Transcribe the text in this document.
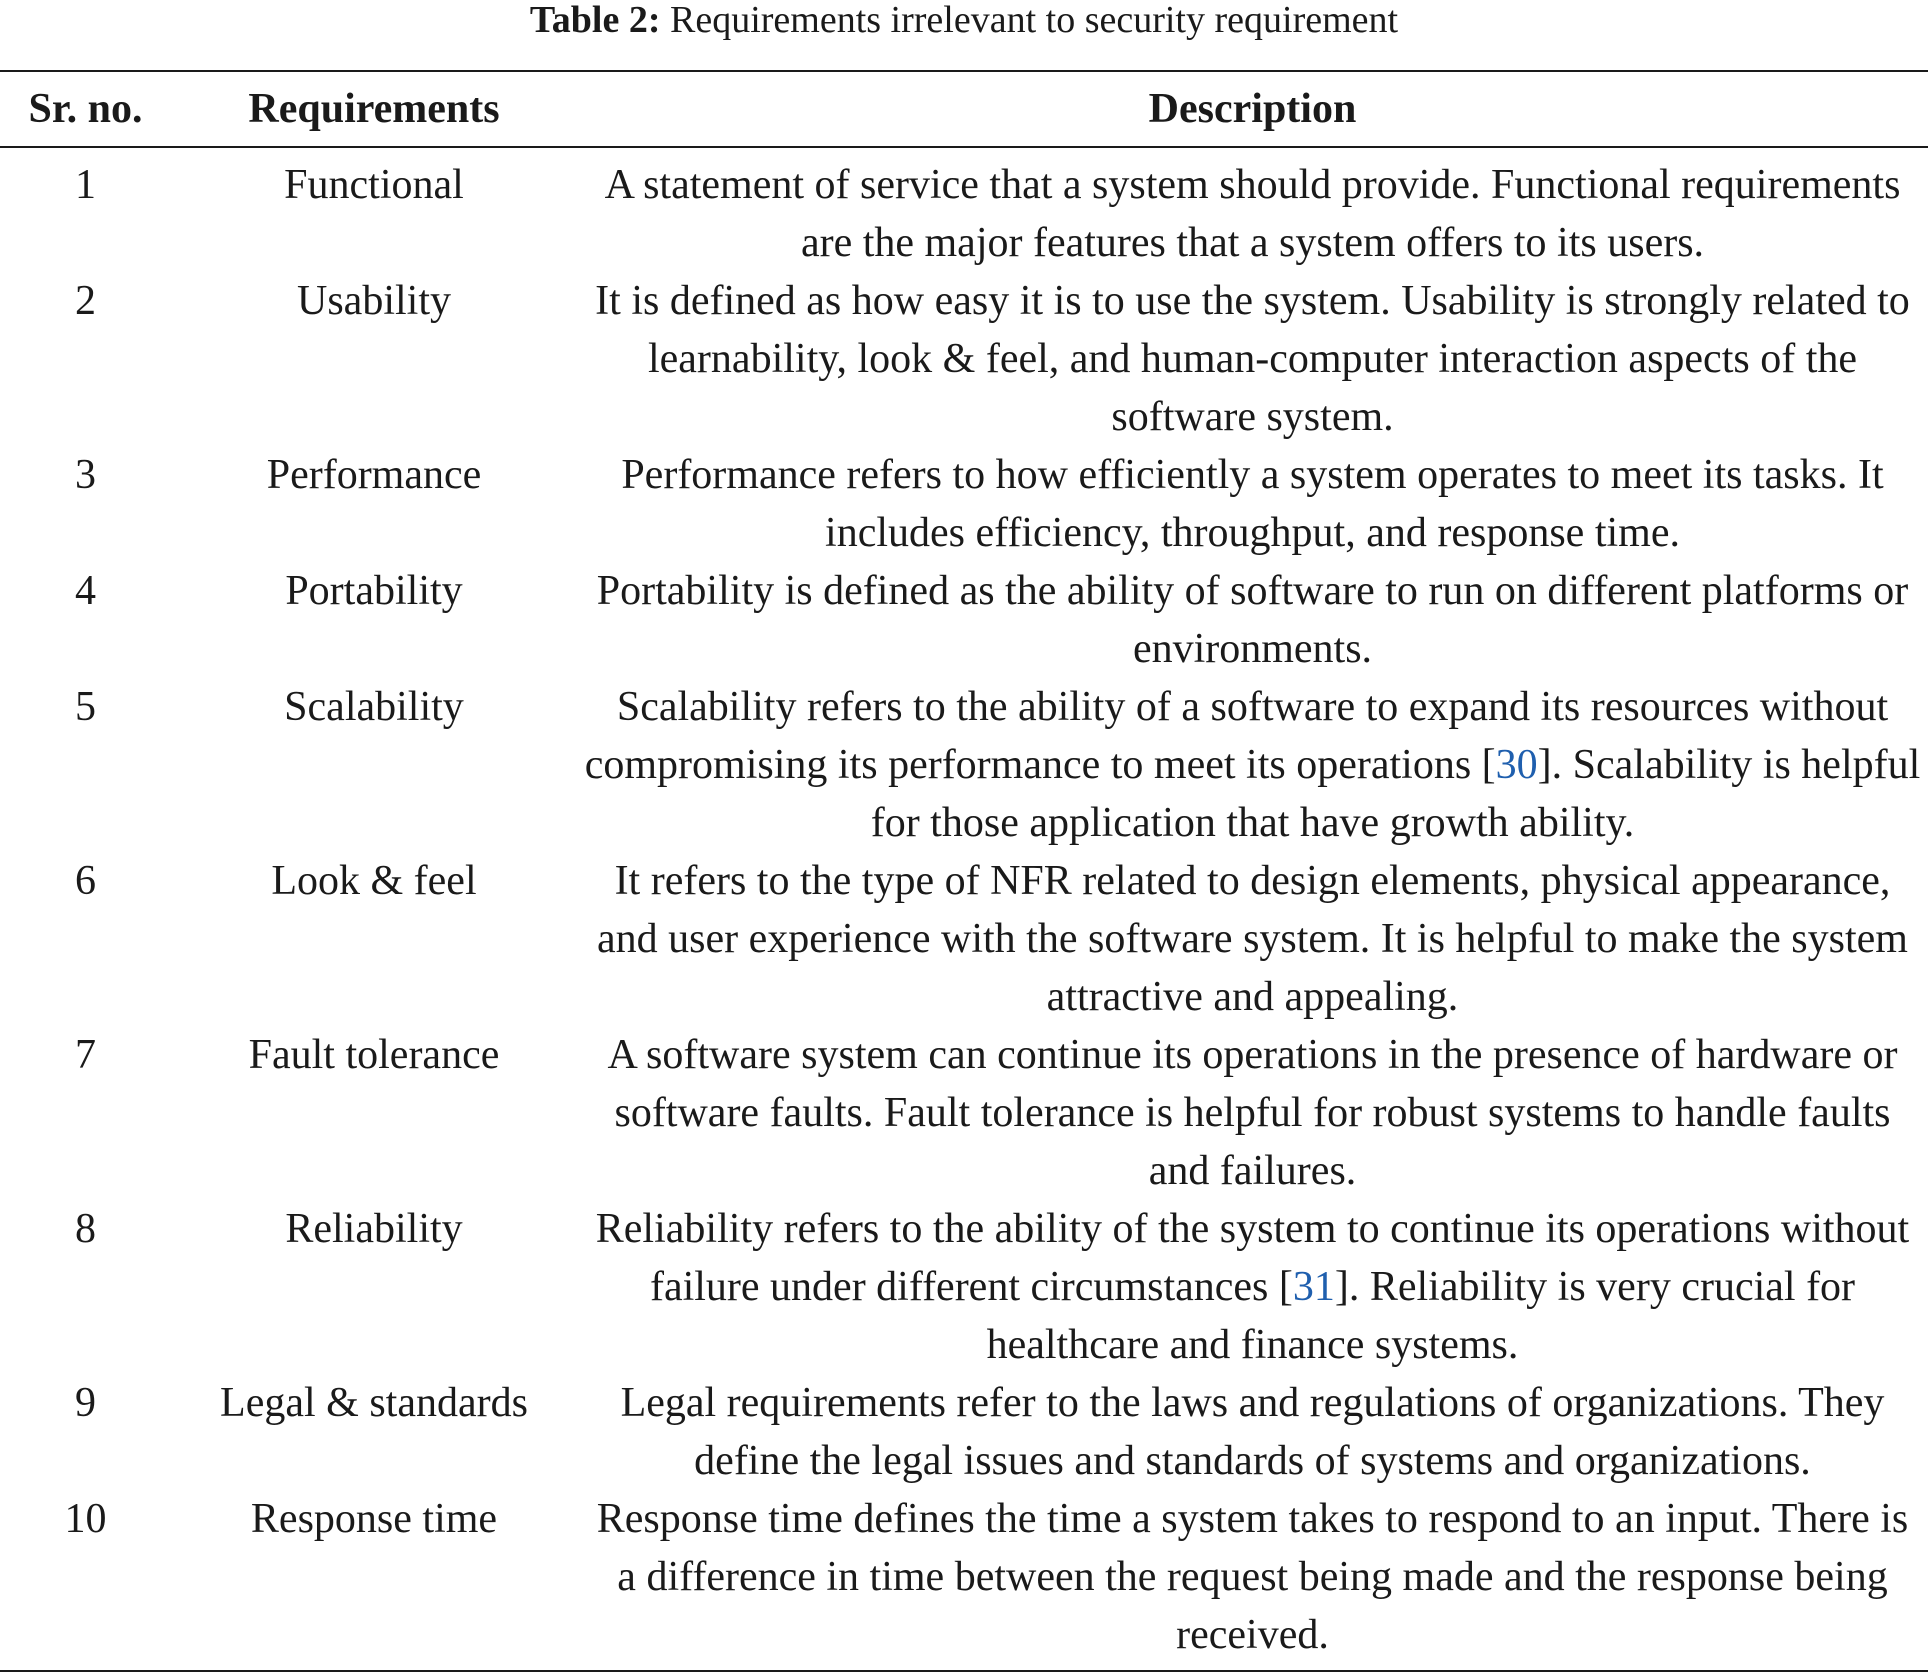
Table 2: Requirements irrelevant to security requirement
Sr. no.	Requirements	Description
1	Functional	A statement of service that a system should provide. Functional requirements are the major features that a system offers to its users.
2	Usability	It is defined as how easy it is to use the system. Usability is strongly related to learnability, look & feel, and human-computer interaction aspects of the software system.
3	Performance	Performance refers to how efficiently a system operates to meet its tasks. It includes efficiency, throughput, and response time.
4	Portability	Portability is defined as the ability of software to run on different platforms or environments.
5	Scalability	Scalability refers to the ability of a software to expand its resources without compromising its performance to meet its operations [30]. Scalability is helpful for those application that have growth ability.
6	Look & feel	It refers to the type of NFR related to design elements, physical appearance, and user experience with the software system. It is helpful to make the system attractive and appealing.
7	Fault tolerance	A software system can continue its operations in the presence of hardware or software faults. Fault tolerance is helpful for robust systems to handle faults and failures.
8	Reliability	Reliability refers to the ability of the system to continue its operations without failure under different circumstances [31]. Reliability is very crucial for healthcare and finance systems.
9	Legal & standards	Legal requirements refer to the laws and regulations of organizations. They define the legal issues and standards of systems and organizations.
10	Response time	Response time defines the time a system takes to respond to an input. There is a difference in time between the request being made and the response being received.
